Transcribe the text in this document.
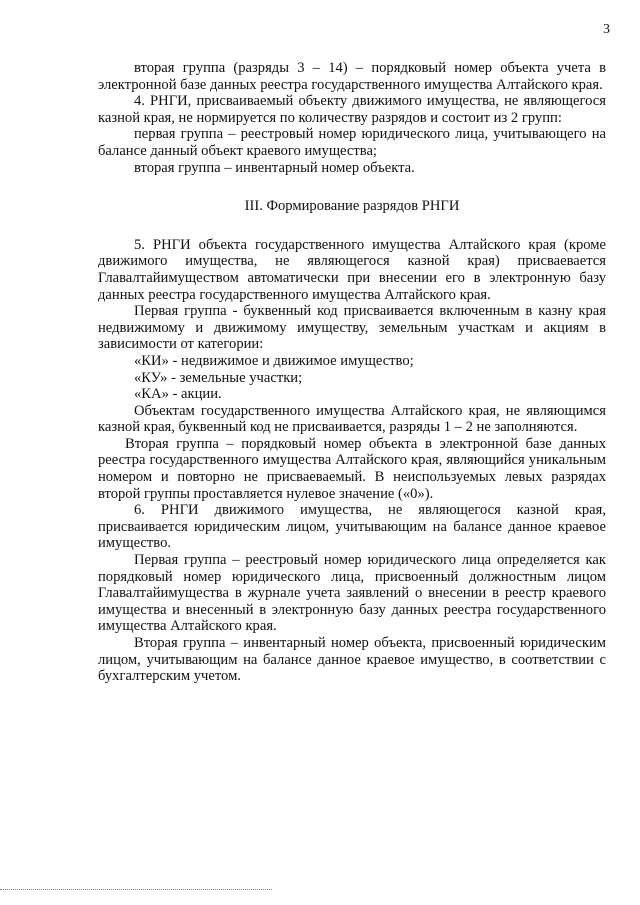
3

вторая группа (разряды 3 – 14) – порядковый номер объекта учета в электронной базе данных реестра государственного имущества Алтайского края.

4. РНГИ, присваиваемый объекту движимого имущества, не являющегося казной края, не нормируется по количеству разрядов и состоит из 2 групп:

первая группа – реестровый номер юридического лица, учитывающего на балансе данный объект краевого имущества;

вторая группа – инвентарный номер объекта.

III. Формирование разрядов РНГИ

5. РНГИ объекта государственного имущества Алтайского края (кроме движимого имущества, не являющегося казной края) присваевается Главалтайимуществом автоматически при внесении его в электронную базу данных реестра государственного имущества Алтайского края.

Первая группа - буквенный код присваивается включенным в казну края недвижимому и движимому имуществу, земельным участкам и акциям в зависимости от категории:

«КИ» - недвижимое и движимое имущество;

«КУ» - земельные участки;

«КА» - акции.

Объектам государственного имущества Алтайского края, не являющимся казной края, буквенный код не присваивается, разряды 1 – 2 не заполняются.

Вторая группа – порядковый номер объекта в электронной базе данных реестра государственного имущества Алтайского края, являющийся уникальным номером и повторно не присваеваемый. В неиспользуемых левых разрядах второй группы проставляется нулевое значение («0»).

6. РНГИ движимого имущества, не являющегося казной края, присваивается юридическим лицом, учитывающим на балансе данное краевое имущество.

Первая группа – реестровый номер юридического лица определяется как порядковый номер юридического лица, присвоенный должностным лицом Главалтайимущества в журнале учета заявлений о внесении в реестр краевого имущества и внесенный в электронную базу данных реестра государственного имущества Алтайского края.

Вторая группа – инвентарный номер объекта, присвоенный юридическим лицом, учитывающим на балансе данное краевое имущество, в соответствии с бухгалтерским учетом.
